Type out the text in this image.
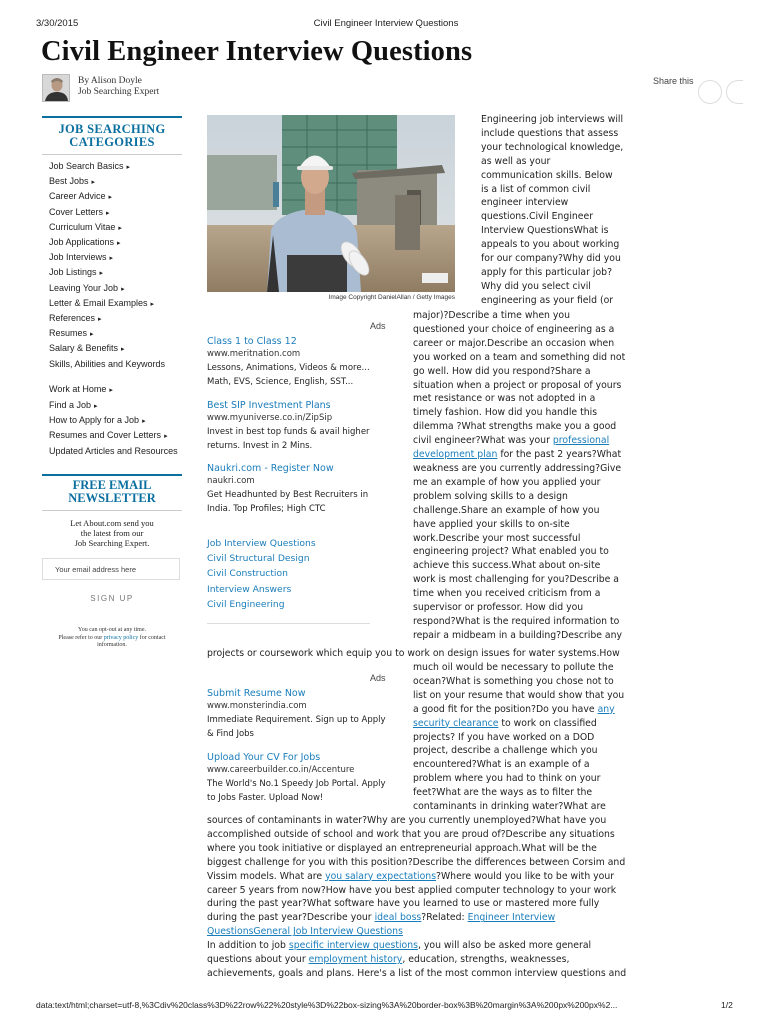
3/30/2015	Civil Engineer Interview Questions
Civil Engineer Interview Questions
By Alison Doyle
Job Searching Expert
Share this
JOB SEARCHING
CATEGORIES
Job Search Basics ▸
Best Jobs ▸
Career Advice ▸
Cover Letters ▸
Curriculum Vitae ▸
Job Applications ▸
Job Interviews ▸
Job Listings ▸
Leaving Your Job ▸
Letter & Email Examples ▸
References ▸
Resumes ▸
Salary & Benefits ▸
Skills, Abilities and Keywords
Work at Home ▸
Find a Job ▸
How to Apply for a Job ▸
Resumes and Cover Letters ▸
Updated Articles and Resources
FREE EMAIL
NEWSLETTER
Let About.com send you
the latest from our
Job Searching Expert.
Your email address here
SIGN UP
You can opt-out at any time.
Please refer to our privacy policy for contact
information.
Image Copyright DanielAllan / Getty Images
Ads
Class 1 to Class 12
www.meritnation.com
Lessons, Animations, Videos & more... Math, EVS, Science, English, SST...
Best SIP Investment Plans
www.myuniverse.co.in/ZipSip
Invest in best top funds & avail higher returns. Invest in 2 Mins.
Naukri.com - Register Now
naukri.com
Get Headhunted by Best Recruiters in India. Top Profiles; High CTC
Job Interview Questions
Civil Structural Design
Civil Construction
Interview Answers
Civil Engineering
Ads
Submit Resume Now
www.monsterindia.com
Immediate Requirement. Sign up to Apply & Find Jobs
Upload Your CV For Jobs
www.careerbuilder.co.in/Accenture
The World's No.1 Speedy Job Portal. Apply to Jobs Faster. Upload Now!
Engineering job interviews will
include questions that assess
your technological knowledge,
as well as your
communication skills. Below
is a list of common civil
engineer interview
questions.Civil Engineer
Interview QuestionsWhat is
appeals to you about working
for our company?Why did you
apply for this particular job?
Why did you select civil
engineering as your field (or
major)?Describe a time when you
questioned your choice of engineering as a
career or major.Describe an occasion when
you worked on a team and something did not
go well. How did you respond?Share a
situation when a project or proposal of yours
met resistance or was not adopted in a
timely fashion. How did you handle this
dilemma ?What strengths make you a good
civil engineer?What was your professional
development plan for the past 2 years?What
weakness are you currently addressing?Give
me an example of how you applied your
problem solving skills to a design
challenge.Share an example of how you
have applied your skills to on-site
work.Describe your most successful
engineering project? What enabled you to
achieve this success.What about on-site
work is most challenging for you?Describe a
time when you received criticism from a
supervisor or professor. How did you
respond?What is the required information to
repair a midbeam in a building?Describe any
projects or coursework which equip you to work on design issues for water systems.How
much oil would be necessary to pollute the
ocean?What is something you chose not to
list on your resume that would show that you
a good fit for the position?Do you have any
security clearance to work on classified
projects? If you have worked on a DOD
project, describe a challenge which you
encountered?What is an example of a
problem where you had to think on your
feet?What are the ways as to filter the
contaminants in drinking water?What are
sources of contaminants in water?Why are you currently unemployed?What have you
accomplished outside of school and work that you are proud of?Describe any situations
where you took initiative or displayed an entrepreneurial approach.What will be the
biggest challenge for you with this position?Describe the differences between Corsim and
Vissim models. What are you salary expectations?Where would you like to be with your
career 5 years from now?How have you best applied computer technology to your work
during the past year?What software have you learned to use or mastered more fully
during the past year?Describe your ideal boss?Related: Engineer Interview
QuestionsGeneral Job Interview Questions
In addition to job specific interview questions, you will also be asked more general
questions about your employment history, education, strengths, weaknesses,
achievements, goals and plans. Here's a list of the most common interview questions and
data:text/html;charset=utf-8,%3Cdiv%20class%3D%22row%22%20style%3D%22box-sizing%3A%20border-box%3B%20margin%3A%200px%200px%2...	1/2
